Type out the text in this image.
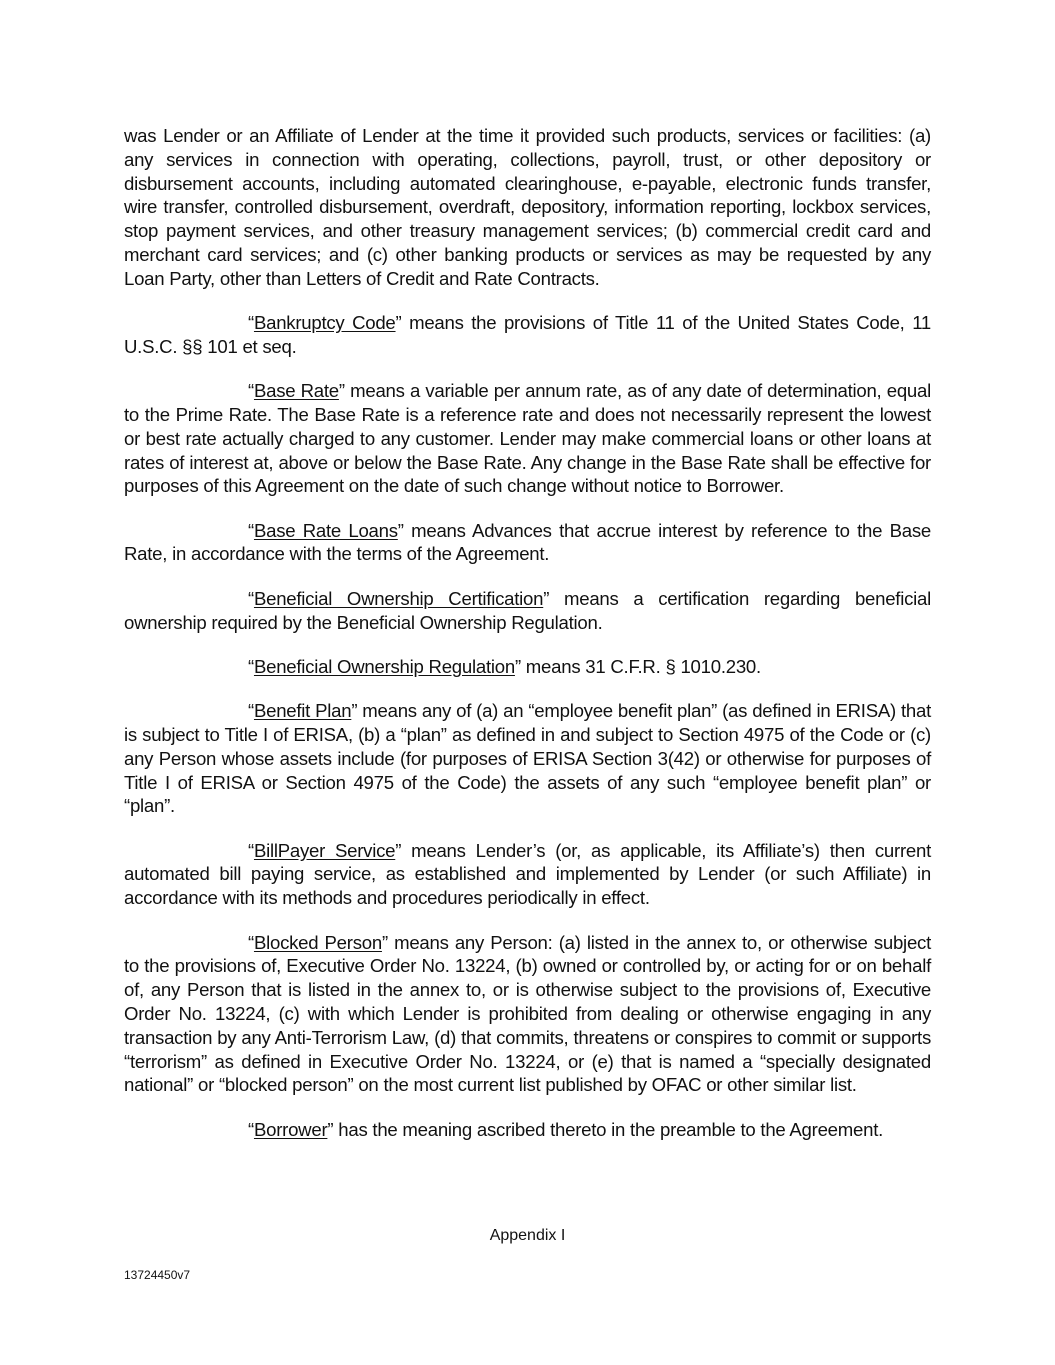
was Lender or an Affiliate of Lender at the time it provided such products, services or facilities: (a) any services in connection with operating, collections, payroll, trust, or other depository or disbursement accounts, including automated clearinghouse, e-payable, electronic funds transfer, wire transfer, controlled disbursement, overdraft, depository, information reporting, lockbox services, stop payment services, and other treasury management services; (b) commercial credit card and merchant card services; and (c) other banking products or services as may be requested by any Loan Party, other than Letters of Credit and Rate Contracts.

“Bankruptcy Code” means the provisions of Title 11 of the United States Code, 11 U.S.C. §§ 101 et seq.

“Base Rate” means a variable per annum rate, as of any date of determination, equal to the Prime Rate. The Base Rate is a reference rate and does not necessarily represent the lowest or best rate actually charged to any customer. Lender may make commercial loans or other loans at rates of interest at, above or below the Base Rate. Any change in the Base Rate shall be effective for purposes of this Agreement on the date of such change without notice to Borrower.

“Base Rate Loans” means Advances that accrue interest by reference to the Base Rate, in accordance with the terms of the Agreement.

“Beneficial Ownership Certification” means a certification regarding beneficial ownership required by the Beneficial Ownership Regulation.

“Beneficial Ownership Regulation” means 31 C.F.R. § 1010.230.

“Benefit Plan” means any of (a) an “employee benefit plan” (as defined in ERISA) that is subject to Title I of ERISA, (b) a “plan” as defined in and subject to Section 4975 of the Code or (c) any Person whose assets include (for purposes of ERISA Section 3(42) or otherwise for purposes of Title I of ERISA or Section 4975 of the Code) the assets of any such “employee benefit plan” or “plan”.

“BillPayer Service” means Lender’s (or, as applicable, its Affiliate’s) then current automated bill paying service, as established and implemented by Lender (or such Affiliate) in accordance with its methods and procedures periodically in effect.

“Blocked Person” means any Person: (a) listed in the annex to, or otherwise subject to the provisions of, Executive Order No. 13224, (b) owned or controlled by, or acting for or on behalf of, any Person that is listed in the annex to, or is otherwise subject to the provisions of, Executive Order No. 13224, (c) with which Lender is prohibited from dealing or otherwise engaging in any transaction by any Anti-Terrorism Law, (d) that commits, threatens or conspires to commit or supports “terrorism” as defined in Executive Order No. 13224, or (e) that is named a “specially designated national” or “blocked person” on the most current list published by OFAC or other similar list.

“Borrower” has the meaning ascribed thereto in the preamble to the Agreement.

Appendix I
13724450v7
